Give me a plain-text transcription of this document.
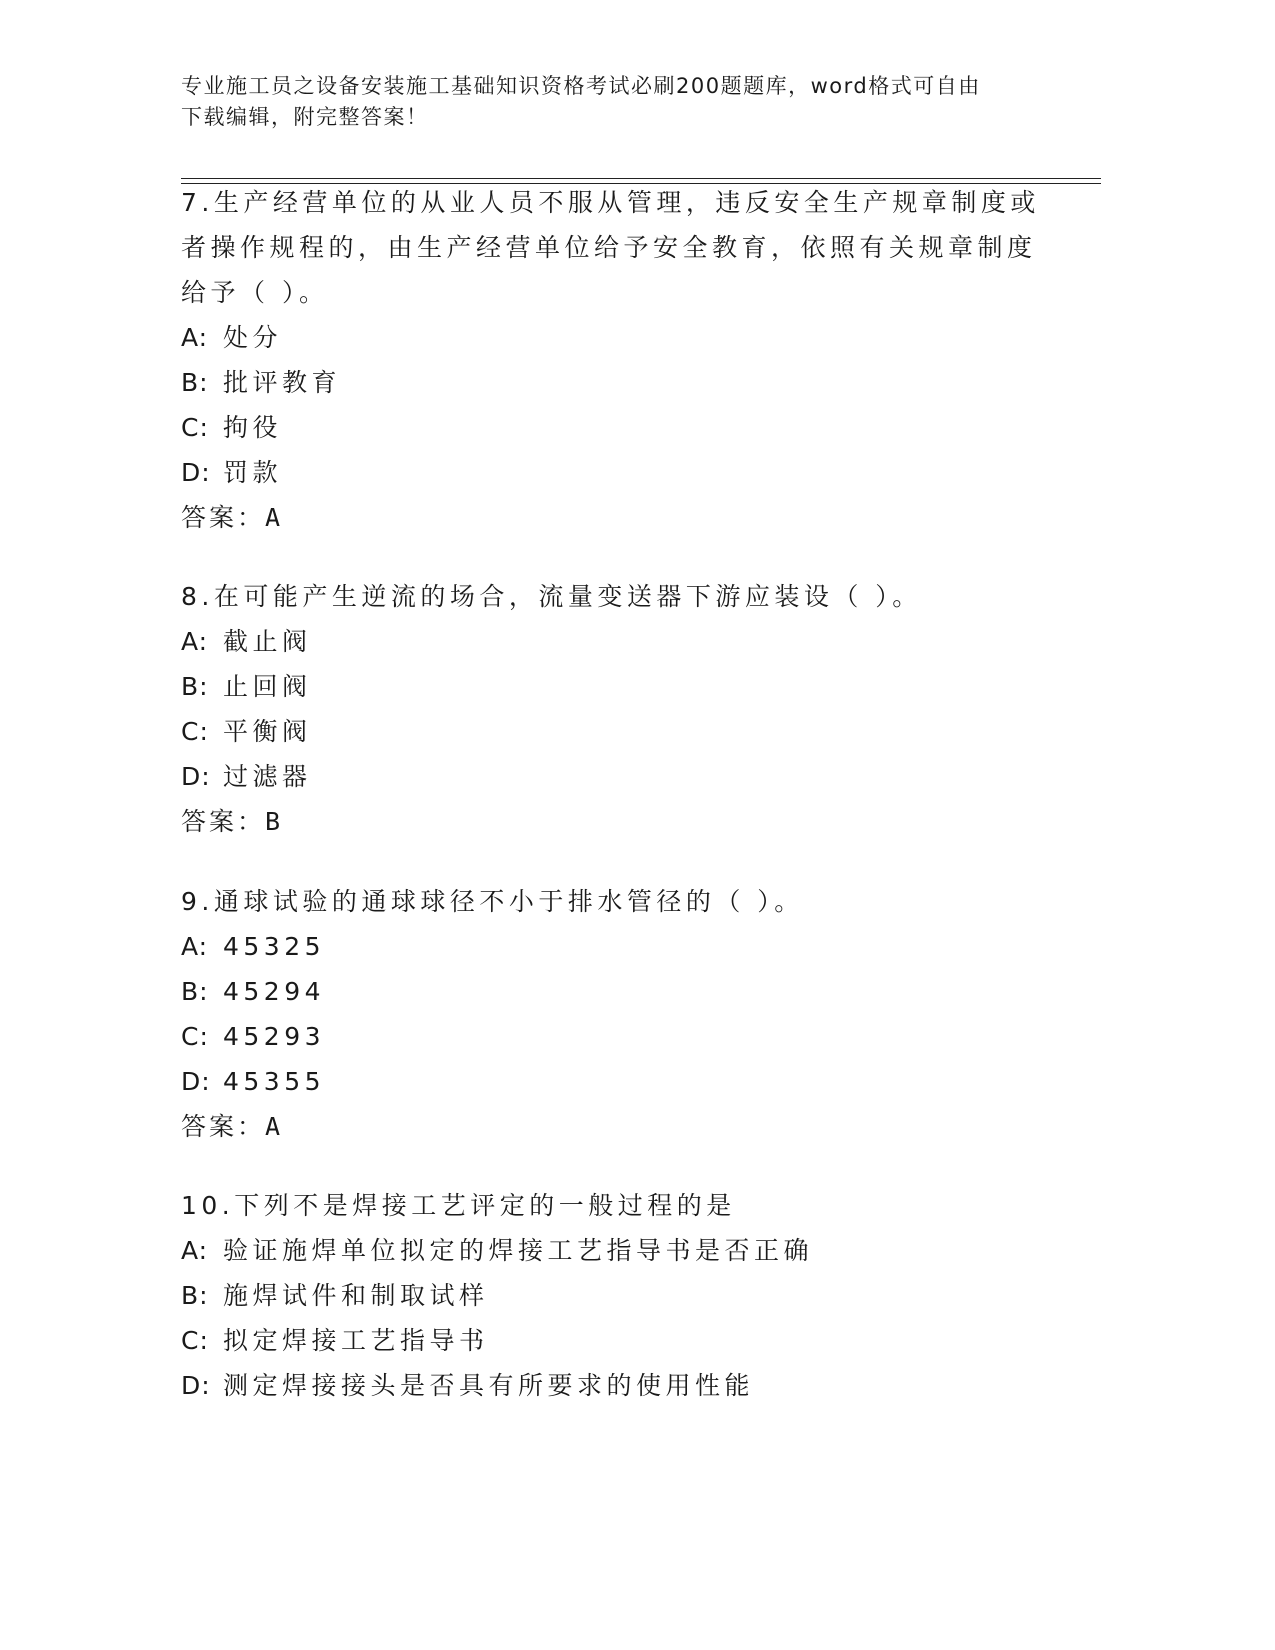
专业施工员之设备安装施工基础知识资格考试必刷200题题库，word格式可自由
下载编辑，附完整答案！

7.生产经营单位的从业人员不服从管理，违反安全生产规章制度或者操作规程的，由生产经营单位给予安全教育，依照有关规章制度给予（ ）。

A: 处分

B: 批评教育

C: 拘役

D: 罚款

答案：A

8.在可能产生逆流的场合，流量变送器下游应装设（ ）。

A: 截止阀

B: 止回阀

C: 平衡阀

D: 过滤器

答案：B

9.通球试验的通球球径不小于排水管径的（ ）。

A: 45325

B: 45294

C: 45293

D: 45355

答案：A

10.下列不是焊接工艺评定的一般过程的是

A: 验证施焊单位拟定的焊接工艺指导书是否正确

B: 施焊试件和制取试样

C: 拟定焊接工艺指导书

D: 测定焊接接头是否具有所要求的使用性能
